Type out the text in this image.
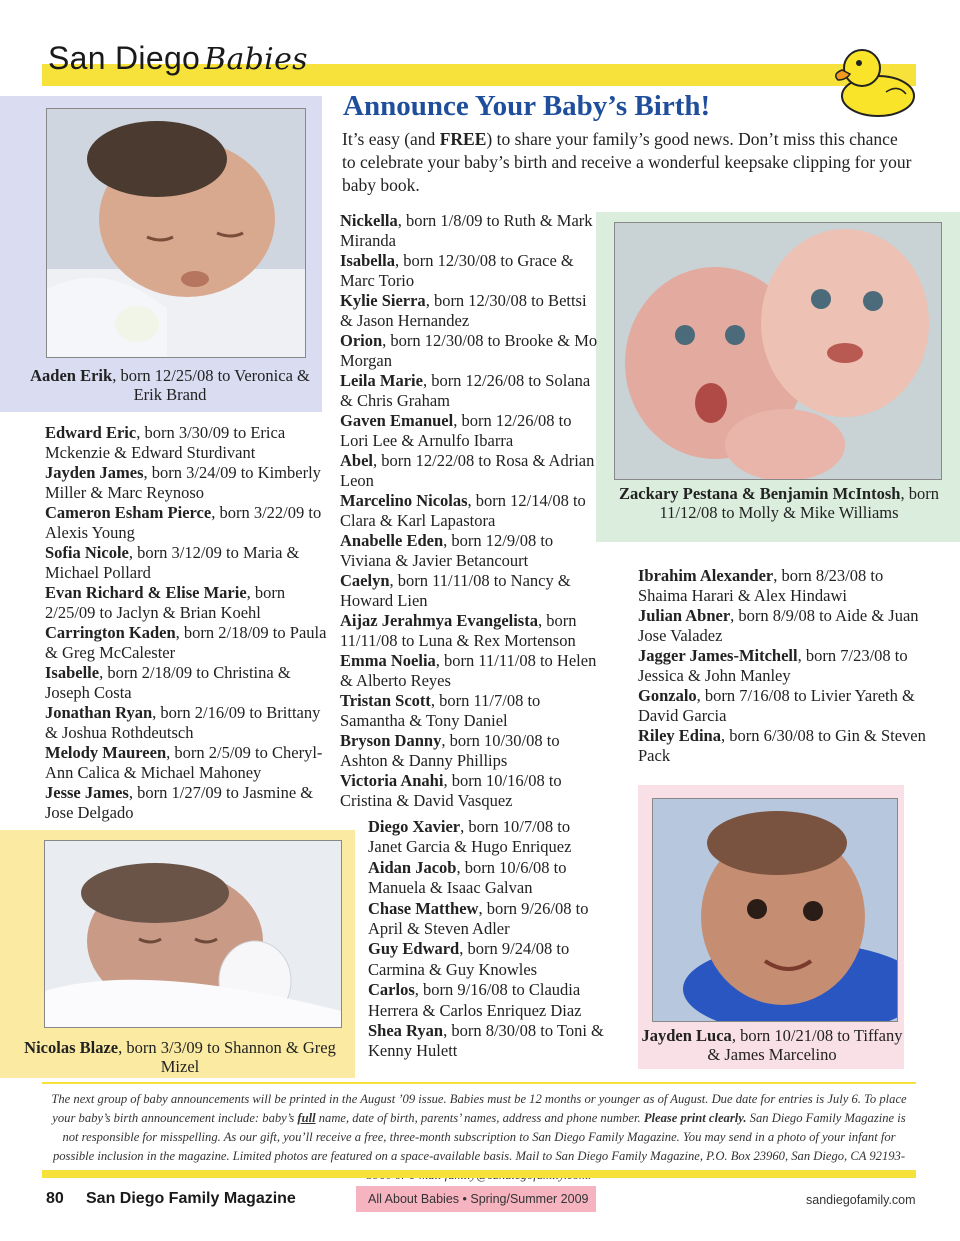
San Diego Babies
Aaden Erik, born 12/25/08 to Veronica & Erik Brand
Zackary Pestana & Benjamin McIntosh, born 11/12/08 to Molly & Mike Williams
Nicolas Blaze, born 3/3/09 to Shannon & Greg Mizel
Jayden Luca, born 10/21/08 to Tiffany & James Marcelino
Announce Your Baby’s Birth!
It’s easy (and FREE) to share your family’s good news. Don’t miss this chance to celebrate your baby’s birth and receive a wonderful keepsake clipping for your baby book.
Edward Eric, born 3/30/09 to Erica Mckenzie & Edward Sturdivant
Jayden James, born 3/24/09 to Kimberly Miller & Marc Reynoso
Cameron Esham Pierce, born 3/22/09 to Alexis Young
Sofia Nicole, born 3/12/09 to Maria & Michael Pollard
Evan Richard & Elise Marie, born 2/25/09 to Jaclyn & Brian Koehl
Carrington Kaden, born 2/18/09 to Paula & Greg McCalester
Isabelle, born 2/18/09 to Christina & Joseph Costa
Jonathan Ryan, born 2/16/09 to Brittany & Joshua Rothdeutsch
Melody Maureen, born 2/5/09 to Cheryl-Ann Calica & Michael Mahoney
Jesse James, born 1/27/09 to Jasmine & Jose Delgado
Nickella, born 1/8/09 to Ruth & Mark Miranda
Isabella, born 12/30/08 to Grace & Marc Torio
Kylie Sierra, born 12/30/08 to Bettsi & Jason Hernandez
Orion, born 12/30/08 to Brooke & Mo Morgan
Leila Marie, born 12/26/08 to Solana & Chris Graham
Gaven Emanuel, born 12/26/08 to Lori Lee & Arnulfo Ibarra
Abel, born 12/22/08 to Rosa & Adrian Leon
Marcelino Nicolas, born 12/14/08 to Clara & Karl Lapastora
Anabelle Eden, born 12/9/08 to Viviana & Javier Betancourt
Caelyn, born 11/11/08 to Nancy & Howard Lien
Aijaz Jerahmya Evangelista, born 11/11/08 to Luna & Rex Mortenson
Emma Noelia, born 11/11/08 to Helen & Alberto Reyes
Tristan Scott, born 11/7/08 to Samantha & Tony Daniel
Bryson Danny, born 10/30/08 to Ashton & Danny Phillips
Victoria Anahi, born 10/16/08 to Cristina & David Vasquez
Diego Xavier, born 10/7/08 to Janet Garcia & Hugo Enriquez
Aidan Jacob, born 10/6/08 to Manuela & Isaac Galvan
Chase Matthew, born 9/26/08 to April & Steven Adler
Guy Edward, born 9/24/08 to Carmina & Guy Knowles
Carlos, born 9/16/08 to Claudia Herrera & Carlos Enriquez Diaz
Shea Ryan, born 8/30/08 to Toni & Kenny Hulett
Ibrahim Alexander, born 8/23/08 to Shaima Harari & Alex Hindawi
Julian Abner, born 8/9/08 to Aide & Juan Jose Valadez
Jagger James-Mitchell, born 7/23/08 to Jessica & John Manley
Gonzalo, born 7/16/08 to Livier Yareth & David Garcia
Riley Edina, born 6/30/08 to Gin & Steven Pack
The next group of baby announcements will be printed in the August ’09 issue. Babies must be 12 months or younger as of August. Due date for entries is July 6. To place your baby’s birth announcement include: baby’s full name, date of birth, parents’ names, address and phone number. Please print clearly. San Diego Family Magazine is not responsible for misspelling. As our gift, you’ll receive a free, three-month subscription to San Diego Family Magazine. You may send in a photo of your infant for possible inclusion in the magazine. Limited photos are featured on a space-available basis. Mail to San Diego Family Magazine, P.O. Box 23960, San Diego, CA 92193-
80 San Diego Family Magazine	All About Babies • Spring/Summer 2009	sandiegofamily.com
